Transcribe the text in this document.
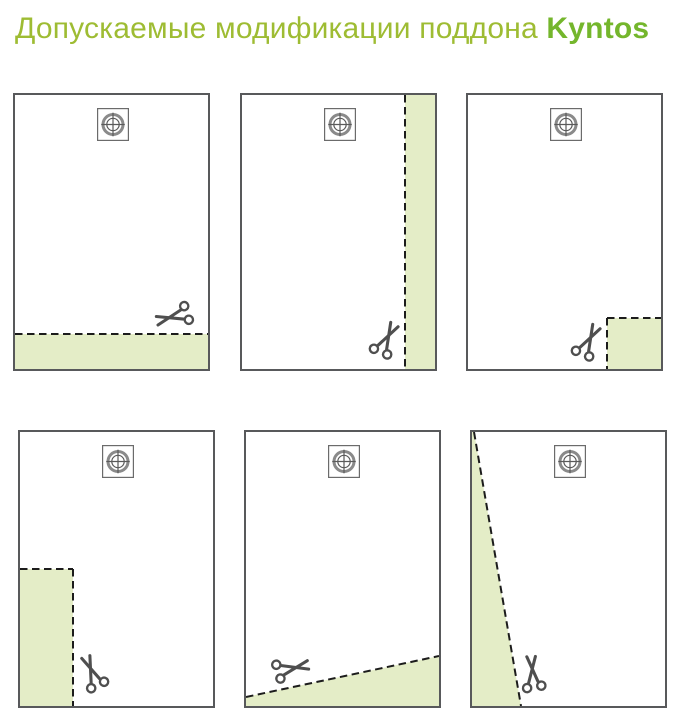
Допускаемые модификации поддона Kyntos
